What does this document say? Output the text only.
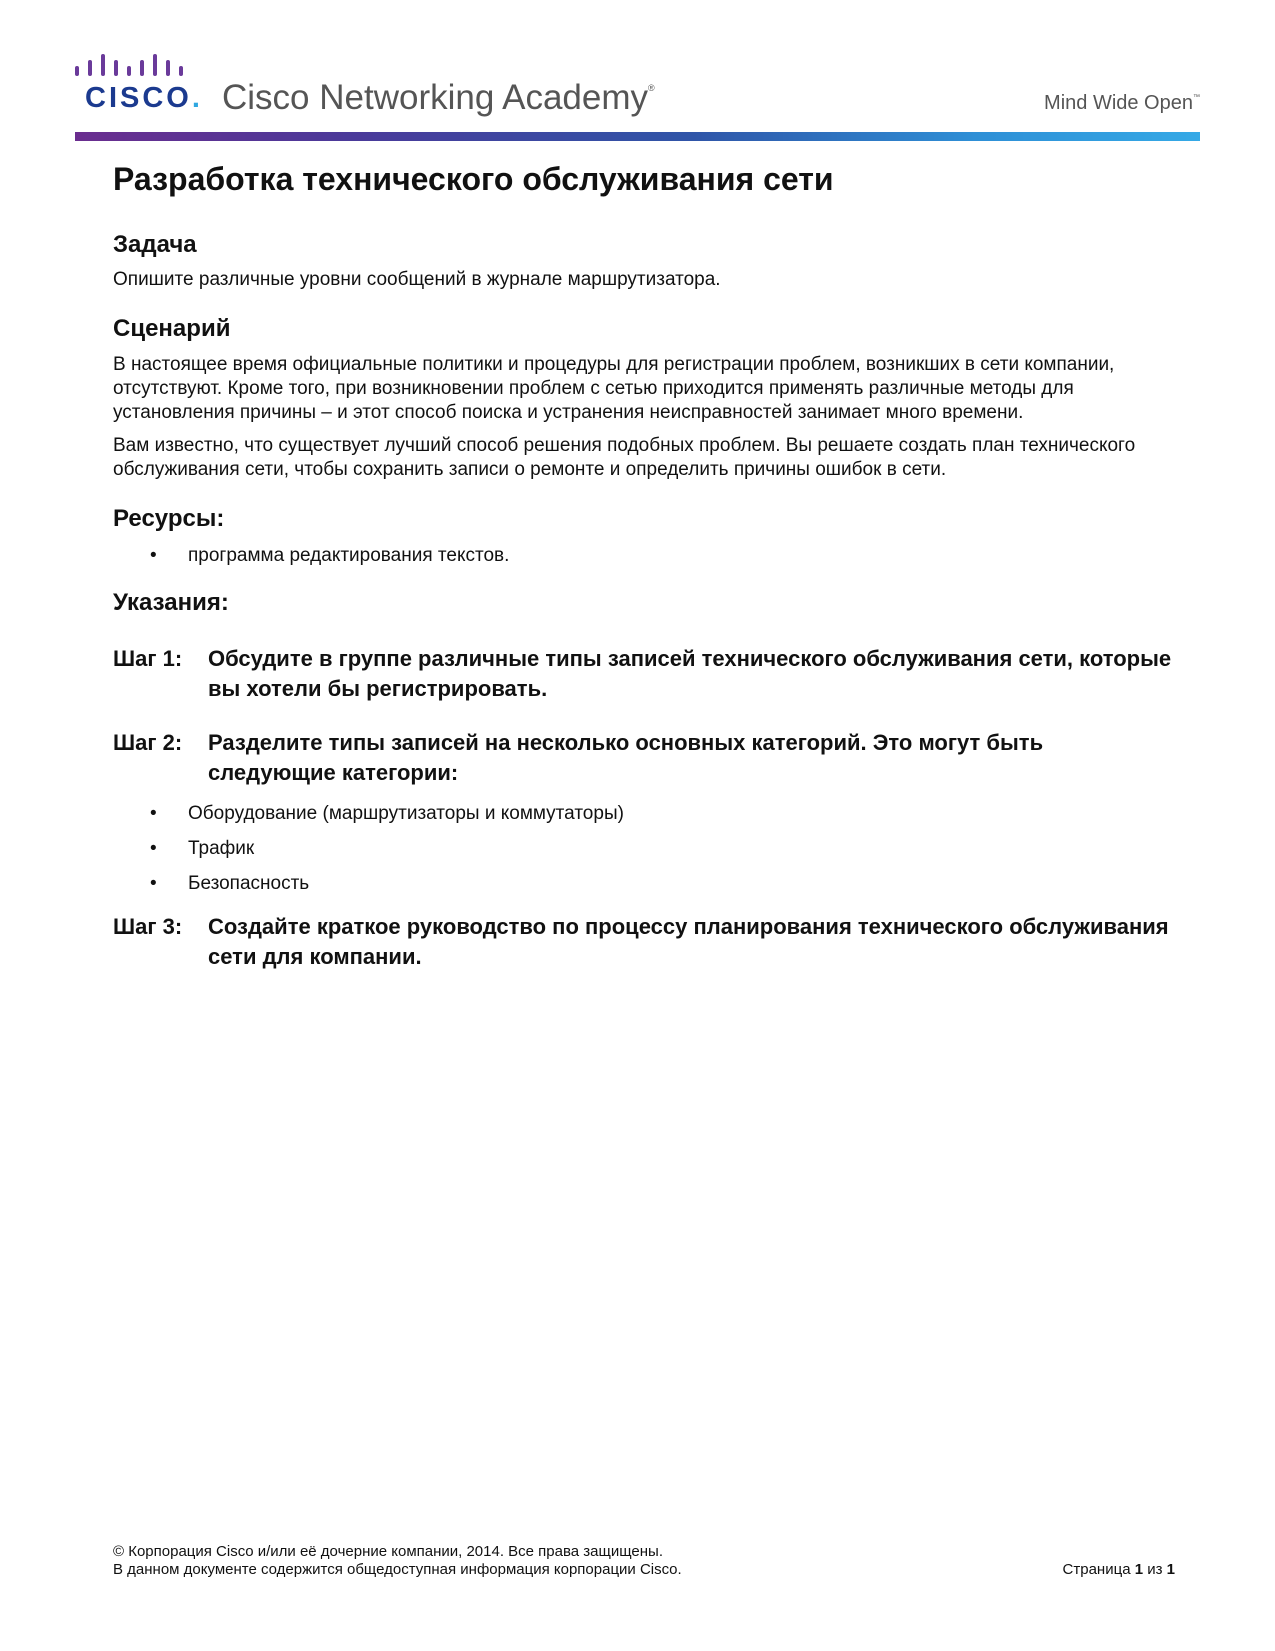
CISCO. Cisco Networking Academy®
Mind Wide Open™
Разработка технического обслуживания сети
Задача

Опишите различные уровни сообщений в журнале маршрутизатора.

Сценарий

В настоящее время официальные политики и процедуры для регистрации проблем, возникших в сети компании, отсутствуют. Кроме того, при возникновении проблем с сетью приходится применять различные методы для установления причины – и этот способ поиска и устранения неисправностей занимает много времени.

Вам известно, что существует лучший способ решения подобных проблем. Вы решаете создать план технического обслуживания сети, чтобы сохранить записи о ремонте и определить причины ошибок в сети.

Ресурсы:
• программа редактирования текстов.
Указания:
Шаг 1: Обсудите в группе различные типы записей технического обслуживания сети, которые вы хотели бы регистрировать.
Шаг 2: Разделите типы записей на несколько основных категорий. Это могут быть следующие категории:
• Оборудование (маршрутизаторы и коммутаторы)
• Трафик
• Безопасность
Шаг 3: Создайте краткое руководство по процессу планирования технического обслуживания сети для компании.
© Корпорация Cisco и/или её дочерние компании, 2014. Все права защищены.
В данном документе содержится общедоступная информация корпорации Cisco.	Страница 1 из 1
